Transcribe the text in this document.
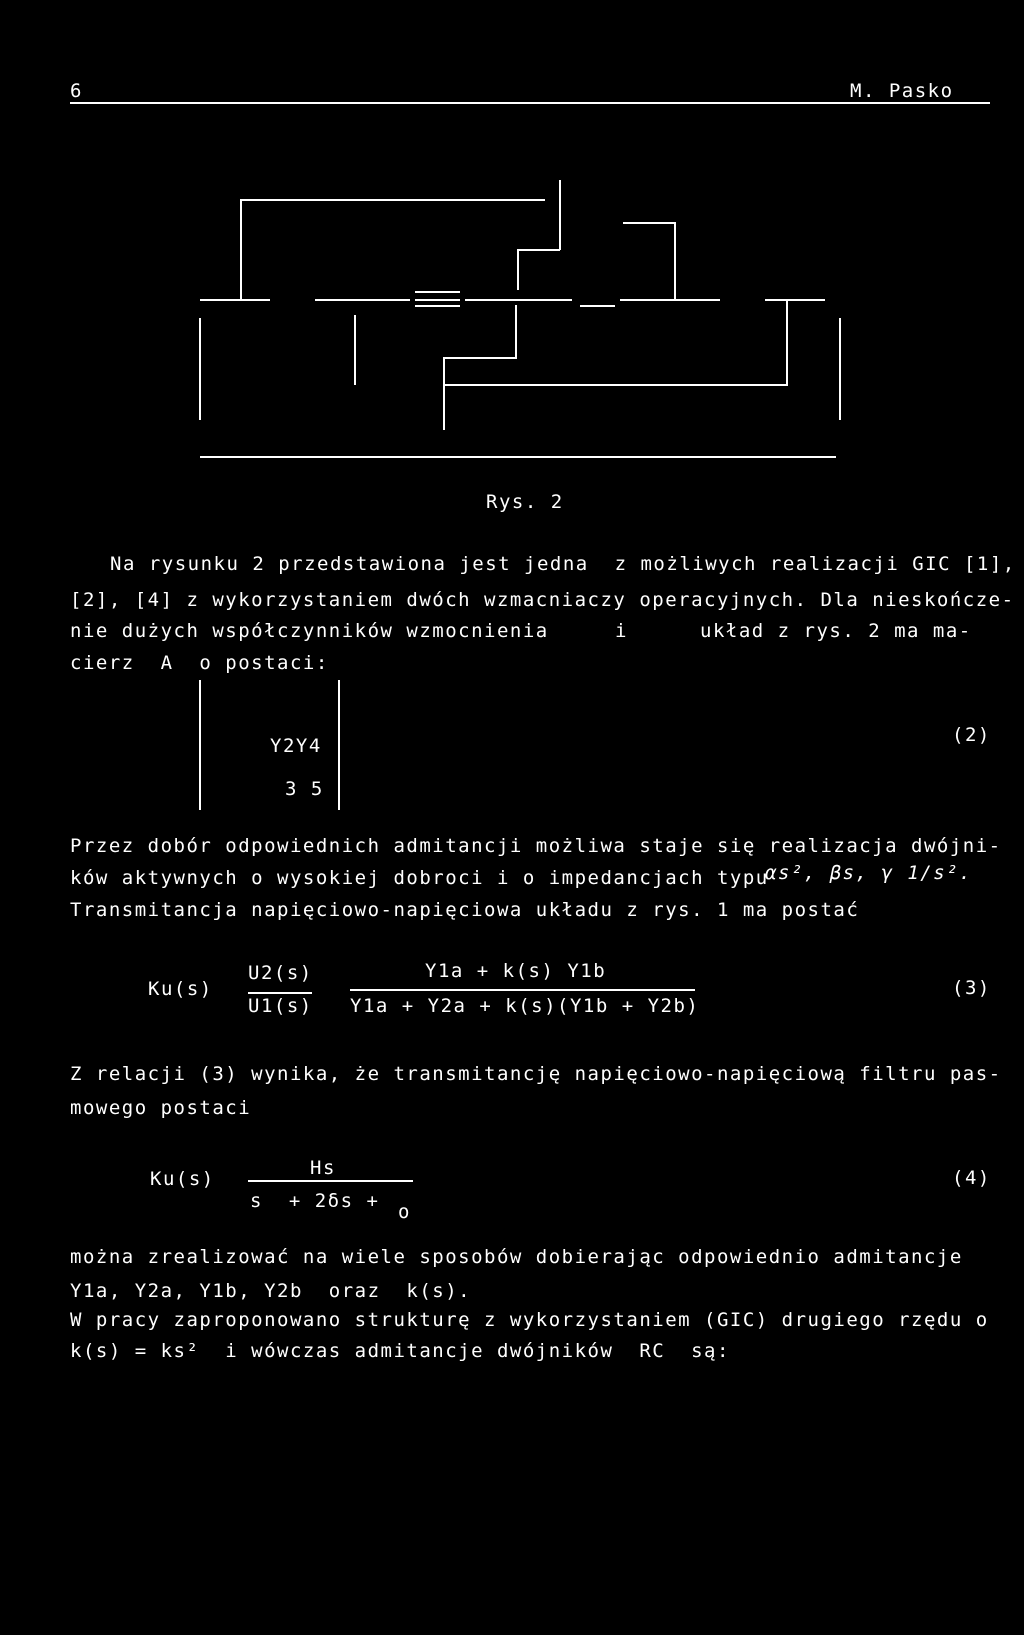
6	M. Pasko
Rys. 2
Na rysunku 2 przedstawiona jest jedna  z możliwych realizacji GIC [1],
[2], [4] z wykorzystaniem dwóch wzmacniaczy operacyjnych. Dla nieskończe-
nie dużych współczynników wzmocnienia	i	układ z rys. 2 ma ma-
cierz  A  o postaci:
Y2Y4
3 5
(2)
Przez dobór odpowiednich admitancji możliwa staje się realizacja dwójni-
ków aktywnych o wysokiej dobroci i o impedancjach typu
αs², βs, γ 1/s².
Transmitancja napięciowo-napięciowa układu z rys. 1 ma postać
Ku(s)
U2(s)
U1(s)
Y1a + k(s) Y1b
Y1a + Y2a + k(s)(Y1b + Y2b)
(3)
Z relacji (3) wynika, że transmitancję napięciowo-napięciową filtru pas-
mowego postaci
Ku(s)	Hs
s  + 2δs + o
(4)
można zrealizować na wiele sposobów dobierając odpowiednio admitancje
Y1a, Y2a, Y1b, Y2b  oraz  k(s).
W pracy zaproponowano strukturę z wykorzystaniem (GIC) drugiego rzędu o
k(s) = ks²  i wówczas admitancje dwójników  RC  są:
